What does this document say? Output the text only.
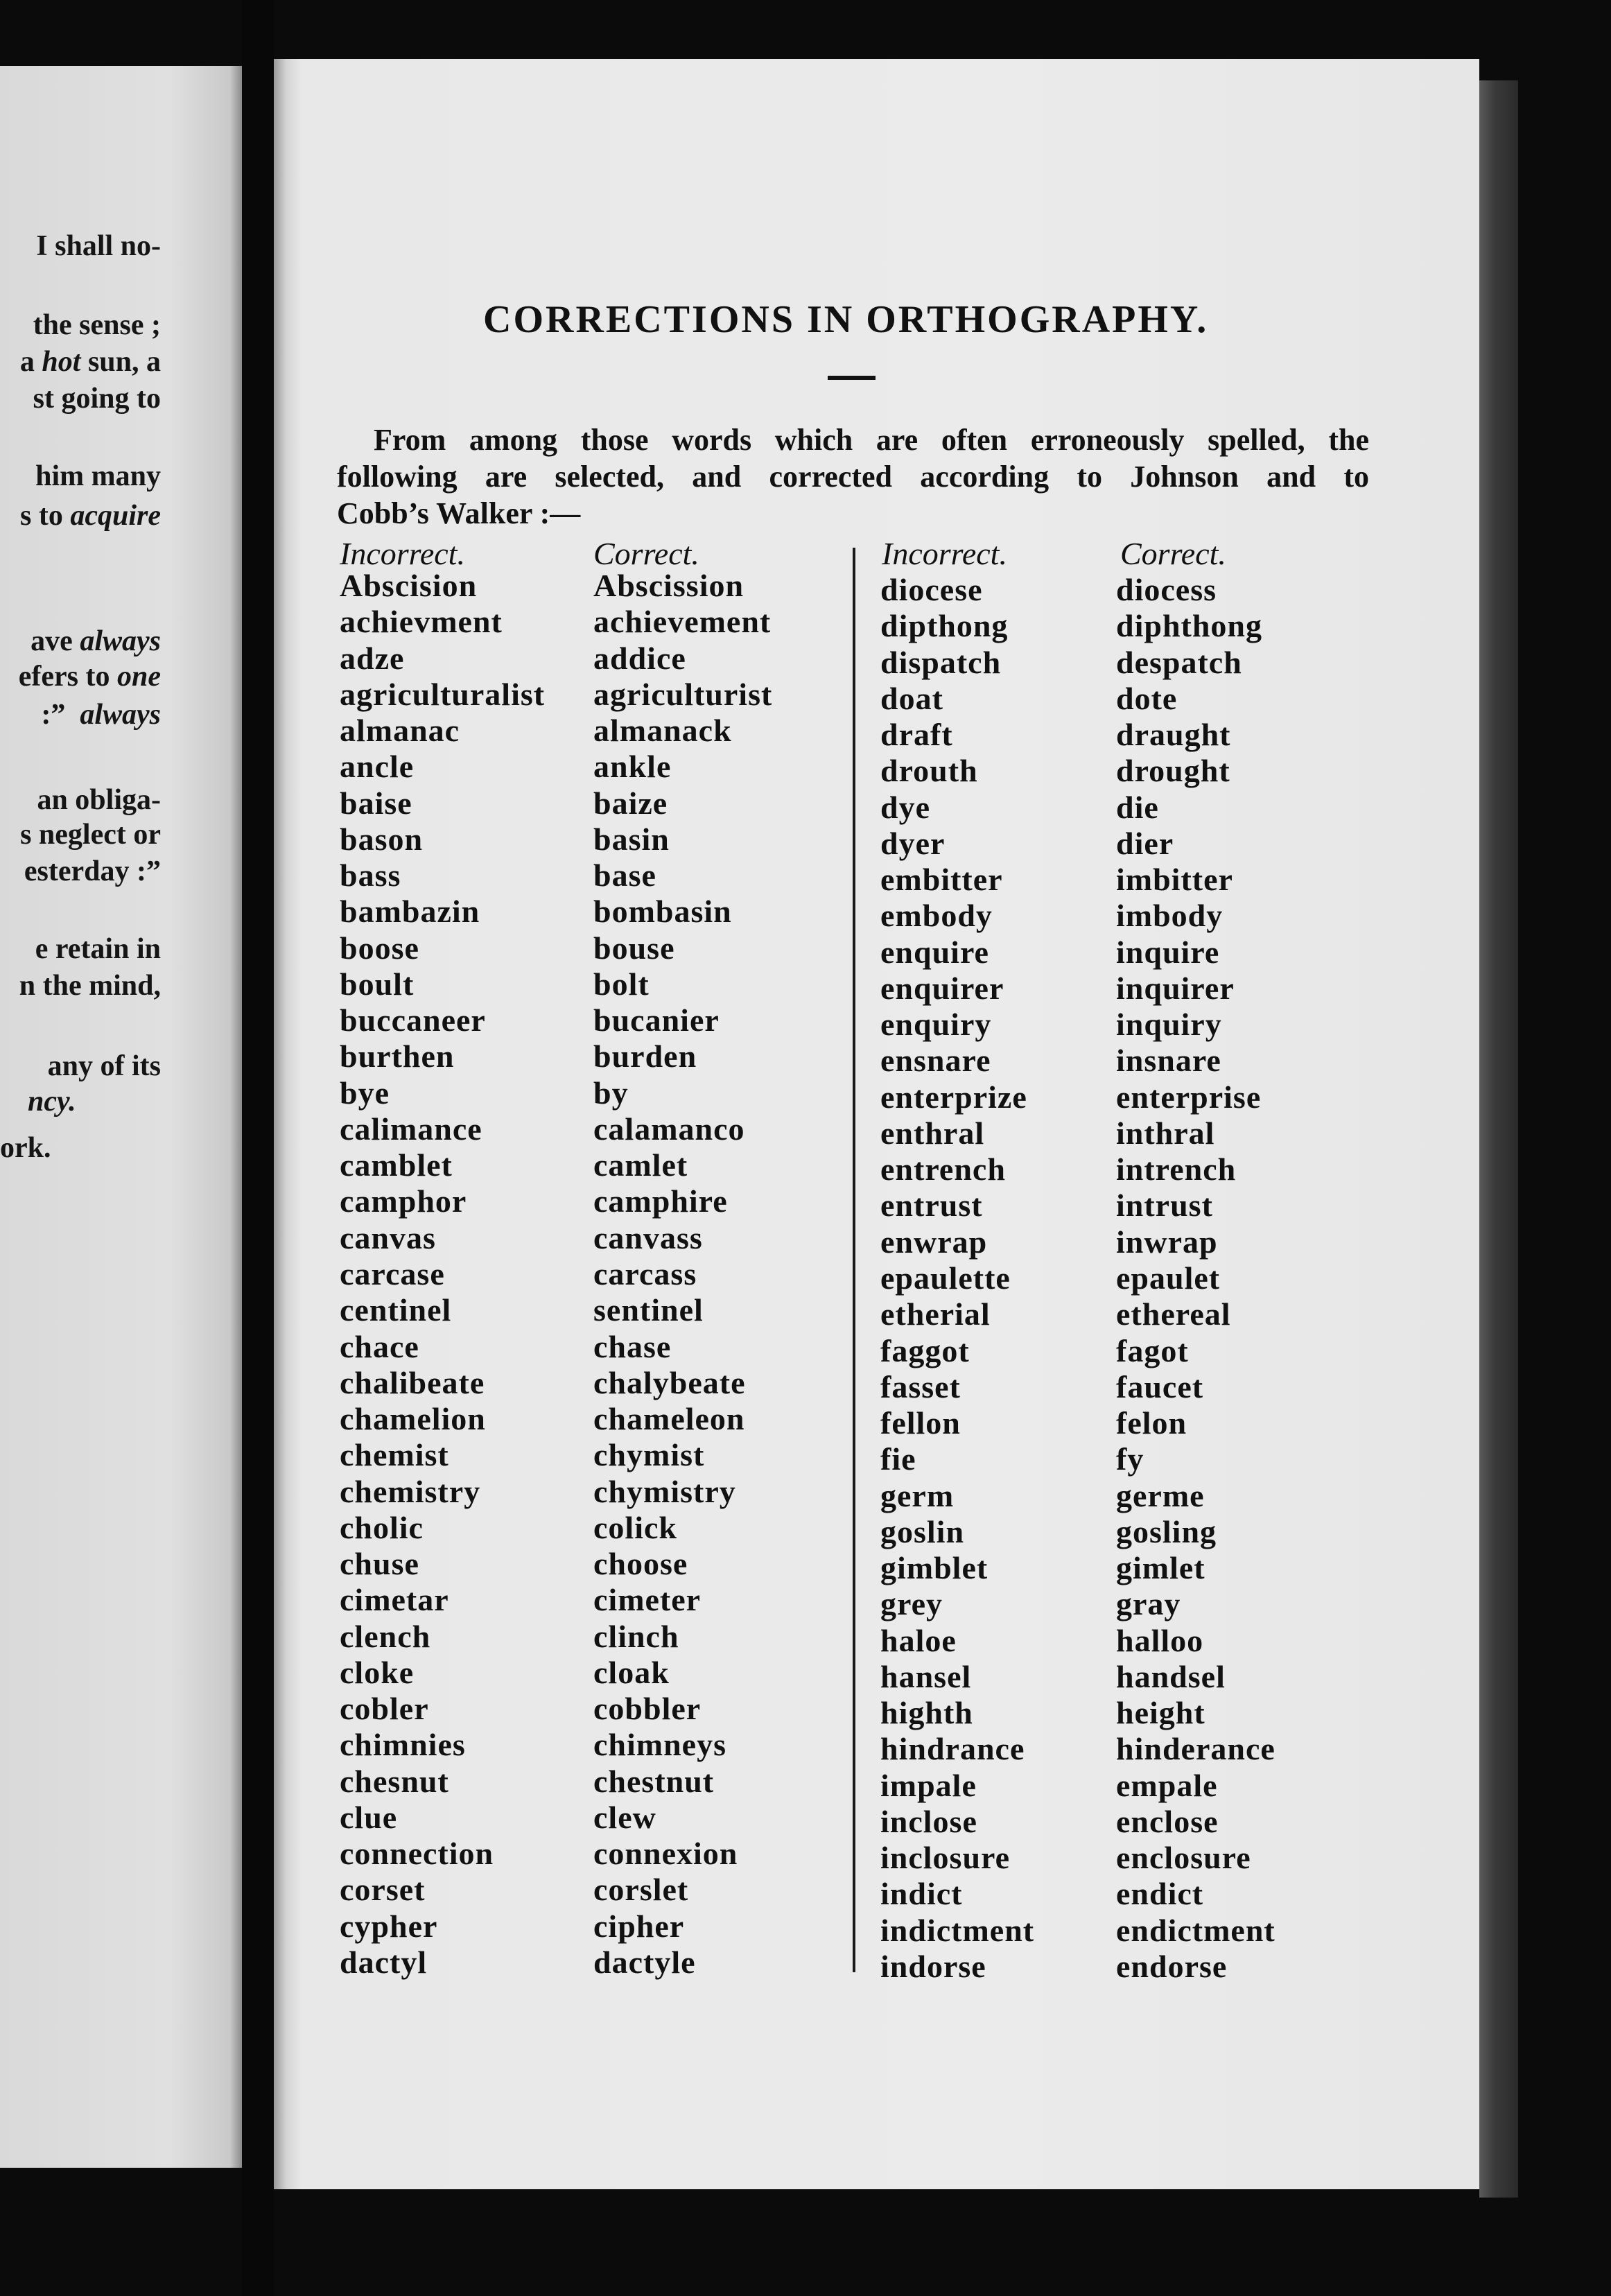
I shall no-
the sense ;
a hot sun, a
st going to
him many
s to acquire
ave always
efers to one
:”  always
an obliga-
s neglect or
esterday :”
e retain in
n the mind,
any of its
ncy.
ork.
CORRECTIONS IN ORTHOGRAPHY.
From among those words which are often erroneously spelled, the
following are selected, and corrected according to Johnson and to
Cobb’s Walker :—
Incorrect.	Correct.	Incorrect.	Correct.
Abscision	Abscission
achievment	achievement
adze	addice
agriculturalist agriculturist
almanac	almanack
ancle	ankle
baise	baize
bason	basin
bass	base
bambazin	bombasin
boose	bouse
boult	bolt
buccaneer	bucanier
burthen	burden
bye	by
calimance	calamanco
camblet	camlet
camphor	camphire
canvas	canvass
carcase	carcass
centinel	sentinel
chace	chase
chalibeate	chalybeate
chamelion	chameleon
chemist	chymist
chemistry	chymistry
cholic	colick
chuse	choose
cimetar	cimeter
clench	clinch
cloke	cloak
cobler	cobbler
chimnies	chimneys
chesnut	chestnut
clue	clew
connection	connexion
corset	corslet
cypher	cipher
dactyl	dactyle
diocese	diocess
dipthong	diphthong
dispatch	despatch
doat	dote
draft	draught
drouth	drought
dye	die
dyer	dier
embitter	imbitter
embody	imbody
enquire	inquire
enquirer	inquirer
enquiry	inquiry
ensnare	insnare
enterprize	enterprise
enthral	inthral
entrench	intrench
entrust	intrust
enwrap	inwrap
epaulette	epaulet
etherial	ethereal
faggot	fagot
fasset	faucet
fellon	felon
fie	fy
germ	germe
goslin	gosling
gimblet	gimlet
grey	gray
haloe	halloo
hansel	handsel
highth	height
hindrance	hinderance
impale	empale
inclose	enclose
inclosure	enclosure
indict	endict
indictment	endictment
indorse	endorse
